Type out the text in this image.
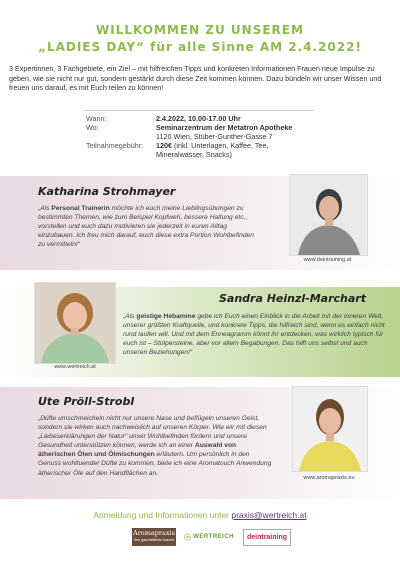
WILLKOMMEN ZU UNSEREM
„LADIES DAY“ für alle Sinne AM 2.4.2022!
3 Expertinnen, 3 Fachgebiete, ein Ziel – mit hilfreichen Tipps und konkreten Informationen Frauen neue Impulse zu geben, wie sie nicht nur gut, sondern gestärkt durch diese Zeit kommen können. Dazu bündeln wir unser Wissen und freuen uns darauf, es mit Euch teilen zu können!
Wann:	2.4.2022, 10.00-17.00 Uhr
Wo:	Seminarzentrum der Metatron Apotheke
1120 Wien, Stüber-Gunther-Gasse 7
Teilnahmegebühr: 120€ (inkl. Unterlagen, Kaffee, Tee,
Mineralwasser, Snacks)
Katharina Strohmayer
„Als Personal Trainerin möchte ich euch meine Lieblingsübungen zu bestimmten Themen, wie zum Beispiel Kopfweh, bessere Haltung etc., vorstellen und euch dazu motivieren sie jederzeit in euren Alltag einzubauen. Ich freu mich darauf, euch diese extra Portion Wohlbefinden zu vermitteln!“
www.deintraining.at
www.wertreich.at
Sandra Heinzl-Marchart
„Als geistige Hebamme gebe ich Euch einen Einblick in die Arbeit mit der inneren Welt, unserer größten Kraftquelle, und konkrete Tipps, die hilfreich sind, wenn es einfach nicht rund laufen will. Und mit dem Enneagramm könnt ihr entdecken, was wirklich typisch für euch ist – Stolpersteine, aber vor allem Begabungen. Das hilft uns selbst und auch unseren Beziehungen!“
Ute Pröll-Strobl
„Düfte umschmeicheln nicht nur unsere Nase und beflügeln unseren Geist, sondern sie wirken auch nachweislich auf unseren Körper. Wie wir mit diesen „Liebeserklärungen der Natur“ unser Wohlbefinden fördern und unsere Gesundheit unterstützen können, werde ich an einer Auswahl von ätherischen Ölen und Ölmischungen erläutern. Um persönlich in den Genuss wohltuender Düfte zu kommen, biete ich eine Aromatouch Anwendung ätherischer Öle auf den Handflächen an.
www.aromapraxis.eu
Anmeldung und Informationen unter praxis@wertreich.at
Aromapraxis
Ihre ganzheitliche Auszeit	WERTREICH deintraining
